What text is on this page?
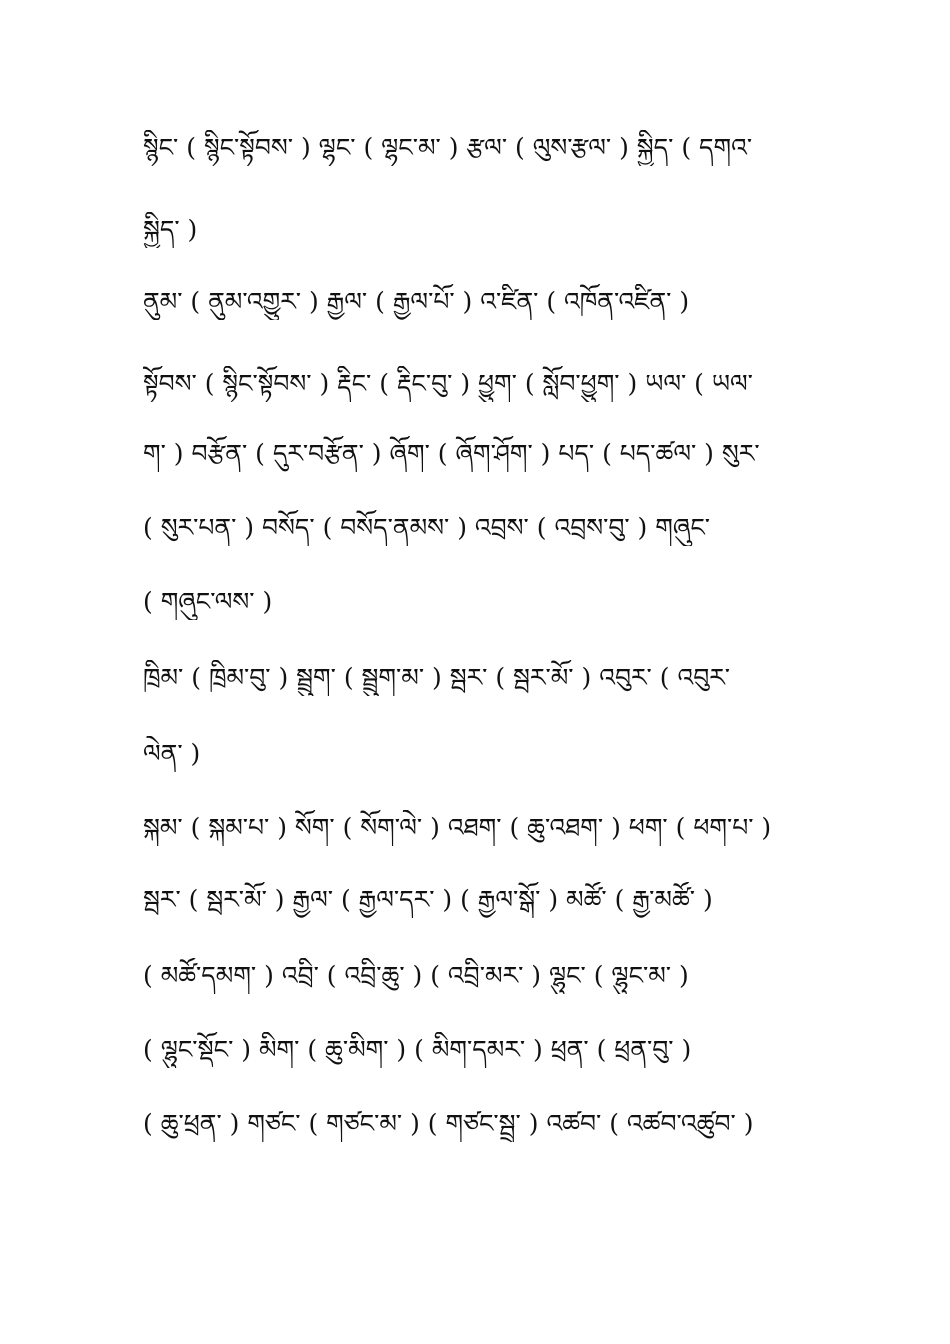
སྙིང་ ( སྙིང་སྟོབས་ ) ལྷང་ ( ལྷང་མ་ ) རྩལ་ ( ལུས་རྩལ་ ) སྐྱིད་ ( དགའ་
སྐྱིད་ )
ནུམ་ ( ནུམ་འགྱུར་ ) རྒྱལ་ ( རྒྱལ་པོ་ ) འ་ཛིན་ ( འཁོན་འཛིན་ )
སྟོབས་ ( སྙིང་སྟོབས་ ) རྡིང་ ( རྡིང་བུ་ ) ཕྱུག་ ( སློབ་ཕྱུག་ ) ཡལ་ ( ཡལ་
ག་ ) བརྩོན་ ( དུར་བརྩོན་ ) ཞོག་ ( ཞོག་ཤོག་ ) པད་ ( པད་ཚལ་ ) སུར་
( སུར་པན་ ) བསོད་ ( བསོད་ནམས་ ) འབྲས་ ( འབྲས་བུ་ ) གཞུང་
( གཞུང་ལས་ )
ཁྲིམ་ ( ཁྲིམ་བུ་ ) སྦྲུག་ ( སྦྲུག་མ་ ) སྦར་ ( སྦར་མོ་ ) འབུར་ ( འབུར་
ལེན་ )
སྐམ་ ( སྐམ་པ་ ) སོག་ ( སོག་ལེ་ ) འཐག་ ( ཆུ་འཐག་ ) ཕག་ ( ཕག་པ་ )
སྦར་ ( སྦར་མོ་ ) རྒྱལ་ ( རྒྱལ་དར་ ) ( རྒྱལ་སྒོ་ ) མཚོ་ ( རྒྱ་མཚོ་ )
( མཚོ་དམག་ ) འབྲི་ ( འབྲི་ཆུ་ ) ( འབྲི་མར་ ) ལྷུང་ ( ལྷུང་མ་ )
( ལྷུང་སྡོང་ ) མིག་ ( ཆུ་མིག་ ) ( མིག་དམར་ ) ཕྲན་ ( ཕྲན་བུ་ )
( ཆུ་ཕྲན་ ) གཙང་ ( གཙང་མ་ ) ( གཙང་སྦྲ་ ) འཚབ་ ( འཚབ་འཚུབ་ )
